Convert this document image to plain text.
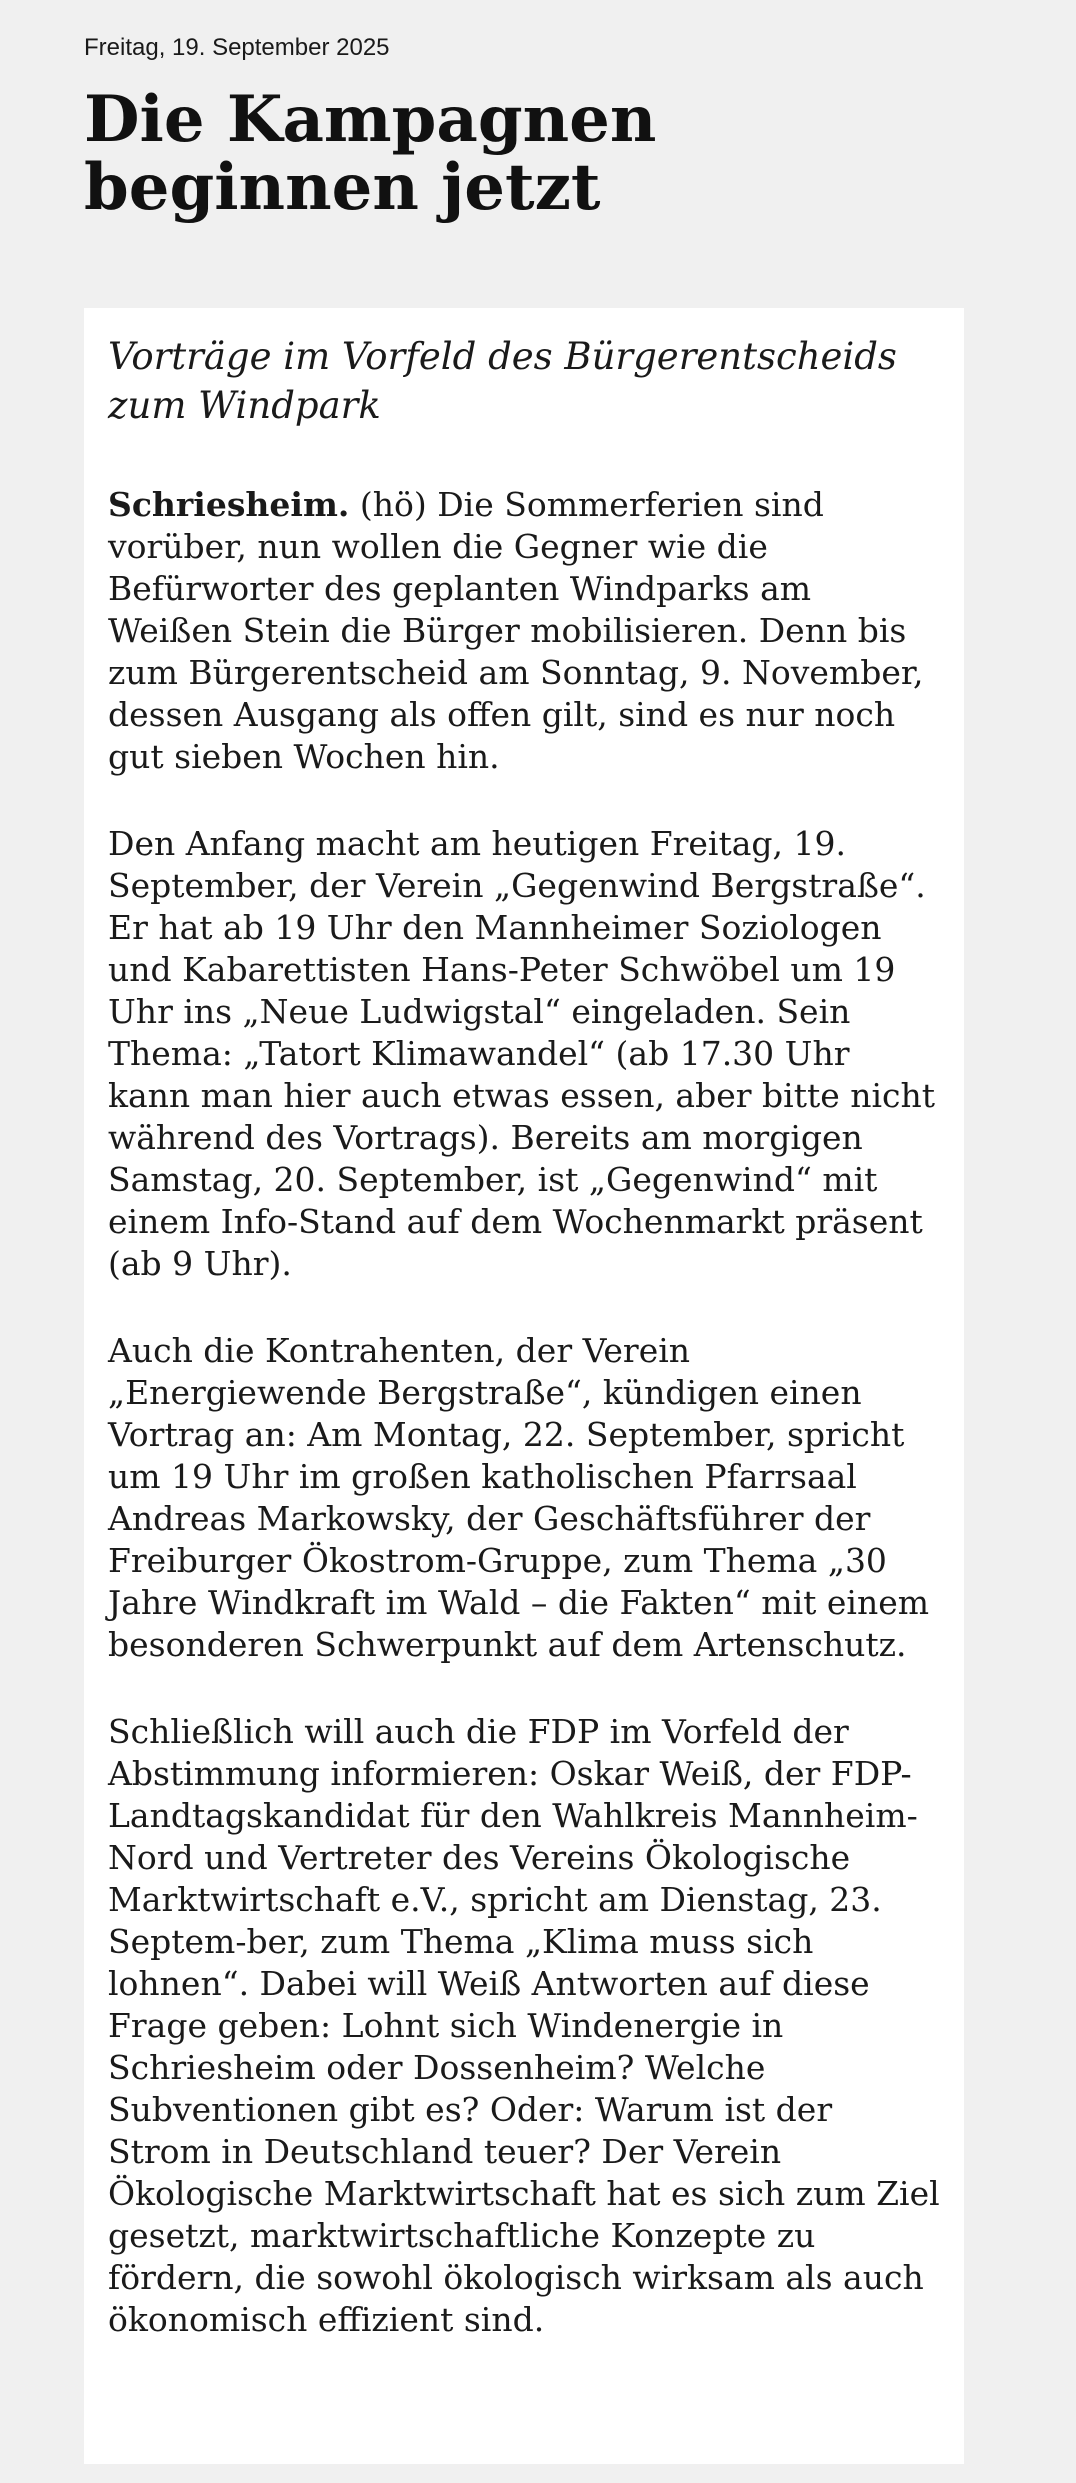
Freitag, 19. September 2025
Die Kampagnen beginnen jetzt
Vorträge im Vorfeld des Bürgerentscheids zum Windpark

Schriesheim. (hö) Die Sommerferien sind vorüber, nun wollen die Gegner wie die Befürworter des geplanten Windparks am Weißen Stein die Bürger mobilisieren. Denn bis zum Bürgerentscheid am Sonntag, 9. November, dessen Ausgang als offen gilt, sind es nur noch gut sieben Wochen hin.

Den Anfang macht am heutigen Freitag, 19. September, der Verein „Gegenwind Bergstraße“. Er hat ab 19 Uhr den Mannheimer Soziologen und Kabarettisten Hans-Peter Schwöbel um 19 Uhr ins „Neue Ludwigstal“ eingeladen. Sein Thema: „Tatort Klimawandel“ (ab 17.30 Uhr kann man hier auch etwas essen, aber bitte nicht während des Vortrags). Bereits am morgigen Samstag, 20. September, ist „Gegenwind“ mit einem Info-Stand auf dem Wochenmarkt präsent (ab 9 Uhr).

Auch die Kontrahenten, der Verein „Energiewende Bergstraße“, kündigen einen Vortrag an: Am Montag, 22. September, spricht um 19 Uhr im großen katholischen Pfarrsaal Andreas Markowsky, der Geschäftsführer der Freiburger Ökostrom-Gruppe, zum Thema „30 Jahre Windkraft im Wald – die Fakten“ mit einem besonderen Schwerpunkt auf dem Artenschutz.

Schließlich will auch die FDP im Vorfeld der Abstimmung informieren: Oskar Weiß, der FDP-Landtagskandidat für den Wahlkreis Mannheim-Nord und Vertreter des Vereins Ökologische Marktwirtschaft e.V., spricht am Dienstag, 23. Septem-ber, zum Thema „Klima muss sich lohnen“. Dabei will Weiß Antworten auf diese Frage geben: Lohnt sich Windenergie in Schriesheim oder Dossenheim? Welche Subventionen gibt es? Oder: Warum ist der Strom in Deutschland teuer? Der Verein Ökologische Marktwirtschaft hat es sich zum Ziel gesetzt, marktwirtschaftliche Konzepte zu fördern, die sowohl ökologisch wirksam als auch ökonomisch effizient sind.
